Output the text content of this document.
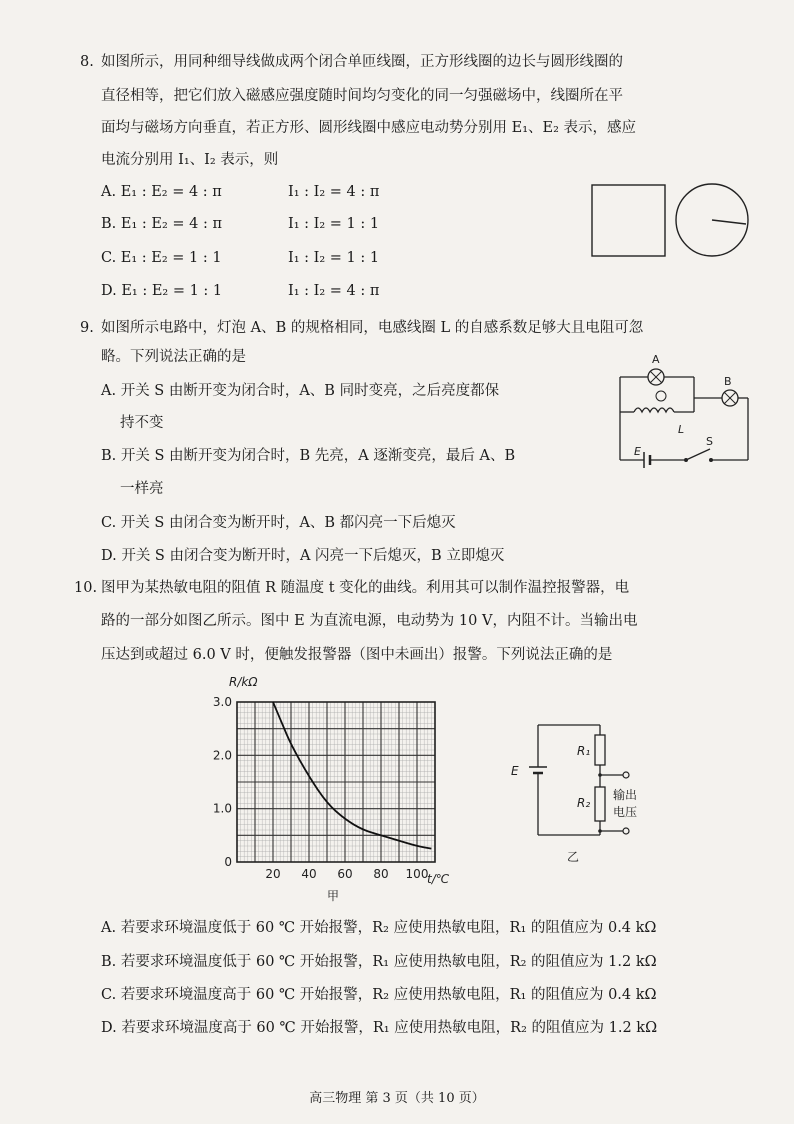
8. 如图所示，用同种细导线做成两个闭合单匝线圈，正方形线圈的边长与圆形线圈的
直径相等，把它们放入磁感应强度随时间均匀变化的同一匀强磁场中，线圈所在平
面均与磁场方向垂直，若正方形、圆形线圈中感应电动势分别用 E₁、E₂ 表示，感应
电流分别用 I₁、I₂ 表示，则
A. E₁ : E₂ = 4 : π	I₁ : I₂ = 4 : π
B. E₁ : E₂ = 4 : π	I₁ : I₂ = 1 : 1
C. E₁ : E₂ = 1 : 1	I₁ : I₂ = 1 : 1
D. E₁ : E₂ = 1 : 1	I₁ : I₂ = 4 : π
9. 如图所示电路中，灯泡 A、B 的规格相同，电感线圈 L 的自感系数足够大且电阻可忽
略。下列说法正确的是
A. 开关 S 由断开变为闭合时，A、B 同时变亮，之后亮度都保
持不变
B. 开关 S 由断开变为闭合时，B 先亮，A 逐渐变亮，最后 A、B
一样亮
C. 开关 S 由闭合变为断开时，A、B 都闪亮一下后熄灭
D. 开关 S 由闭合变为断开时，A 闪亮一下后熄灭，B 立即熄灭
A
B
L
E
S
10. 图甲为某热敏电阻的阻值 R 随温度 t 变化的曲线。利用其可以制作温控报警器，电
路的一部分如图乙所示。图中 E 为直流电源，电动势为 10 V，内阻不计。当输出电
压达到或超过 6.0 V 时，便触发报警器（图中未画出）报警。下列说法正确的是
3.0
2.0
1.0
0
20 40 60 80 100
R/kΩ
t/℃
甲
E
R₁
R₂
输出
电压
乙
A. 若要求环境温度低于 60 ℃ 开始报警，R₂ 应使用热敏电阻，R₁ 的阻值应为 0.4 kΩ
B. 若要求环境温度低于 60 ℃ 开始报警，R₁ 应使用热敏电阻，R₂ 的阻值应为 1.2 kΩ
C. 若要求环境温度高于 60 ℃ 开始报警，R₂ 应使用热敏电阻，R₁ 的阻值应为 0.4 kΩ
D. 若要求环境温度高于 60 ℃ 开始报警，R₁ 应使用热敏电阻，R₂ 的阻值应为 1.2 kΩ
高三物理 第 3 页（共 10 页）
